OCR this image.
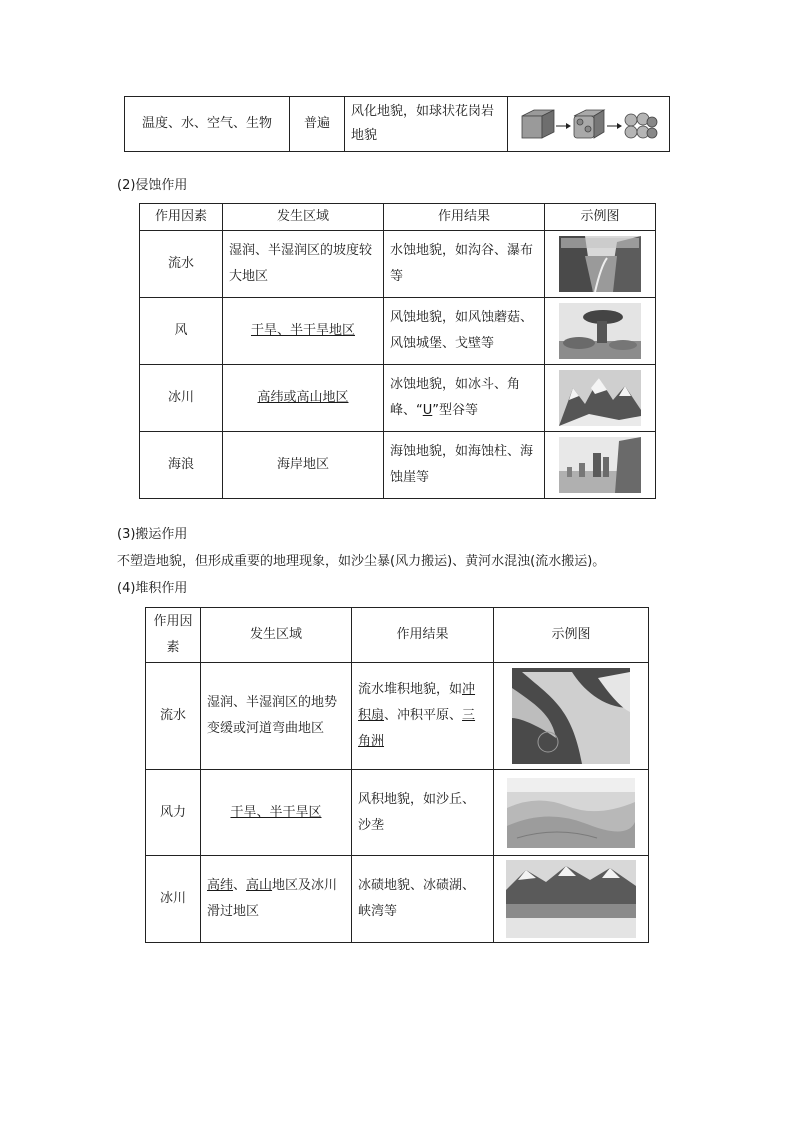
温度、水、空气、生物	普遍	风化地貌，如球状花岗岩地貌	
(2)侵蚀作用
作用因素	发生区域	作用结果	示例图
流水	湿润、半湿润区的坡度较大地区	水蚀地貌，如沟谷、瀑布等	

风	干旱、半干旱地区	风蚀地貌，如风蚀蘑菇、风蚀城堡、戈壁等	

冰川	高纬或高山地区	冰蚀地貌，如冰斗、角峰、“U”型谷等	

海浪	海岸地区	海蚀地貌，如海蚀柱、海蚀崖等	
(3)搬运作用
不塑造地貌，但形成重要的地理现象，如沙尘暴(风力搬运)、黄河水混浊(流水搬运)。
(4)堆积作用
作用因素	发生区域	作用结果	示例图
流水	湿润、半湿润区的地势变缓或河道弯曲地区	流水堆积地貌，如冲积扇、冲积平原、三角洲	

风力	干旱、半干旱区	风积地貌，如沙丘、沙垄	

冰川	高纬、高山地区及冰川滑过地区	冰碛地貌、冰碛湖、峡湾等	
